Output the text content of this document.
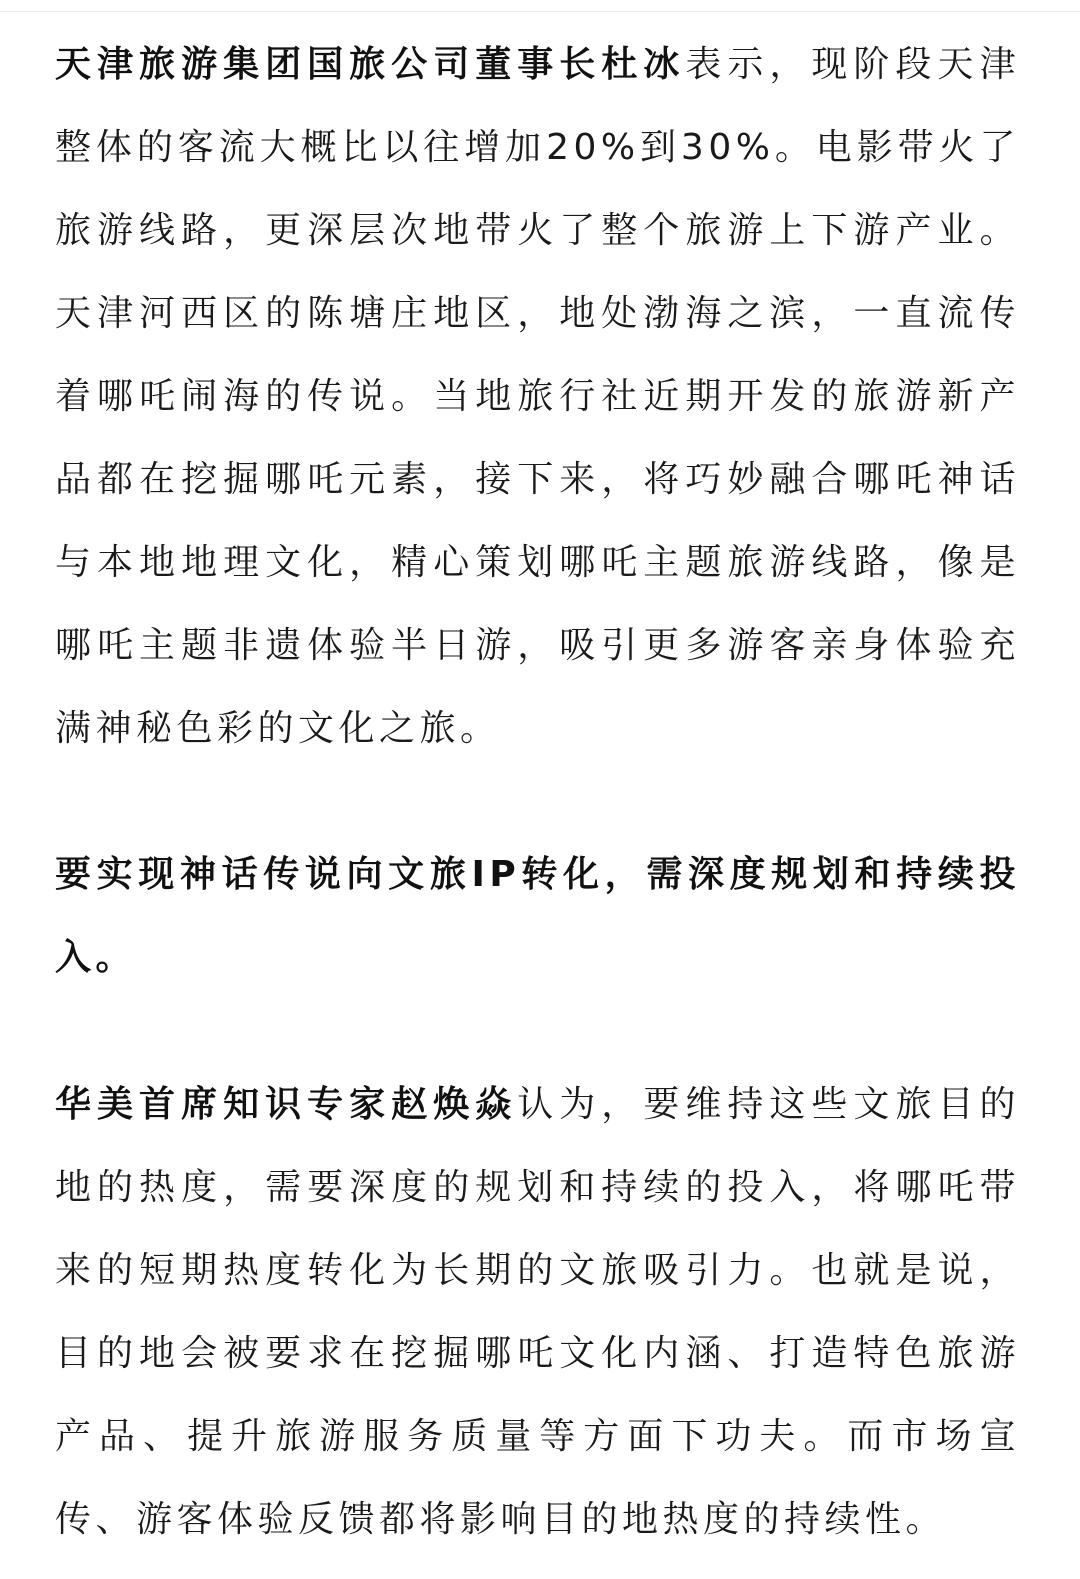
天津旅游集团国旅公司董事长杜冰表示，现阶段天津整体的客流大概比以往增加20%到30%。电影带火了旅游线路，更深层次地带火了整个旅游上下游产业。天津河西区的陈塘庄地区，地处渤海之滨，一直流传着哪吒闹海的传说。当地旅行社近期开发的旅游新产品都在挖掘哪吒元素，接下来，将巧妙融合哪吒神话与本地地理文化，精心策划哪吒主题旅游线路，像是哪吒主题非遗体验半日游，吸引更多游客亲身体验充满神秘色彩的文化之旅。

要实现神话传说向文旅IP转化，需深度规划和持续投入。

华美首席知识专家赵焕焱认为，要维持这些文旅目的地的热度，需要深度的规划和持续的投入，将哪吒带来的短期热度转化为长期的文旅吸引力。也就是说，目的地会被要求在挖掘哪吒文化内涵、打造特色旅游产品、提升旅游服务质量等方面下功夫。而市场宣传、游客体验反馈都将影响目的地热度的持续性。
